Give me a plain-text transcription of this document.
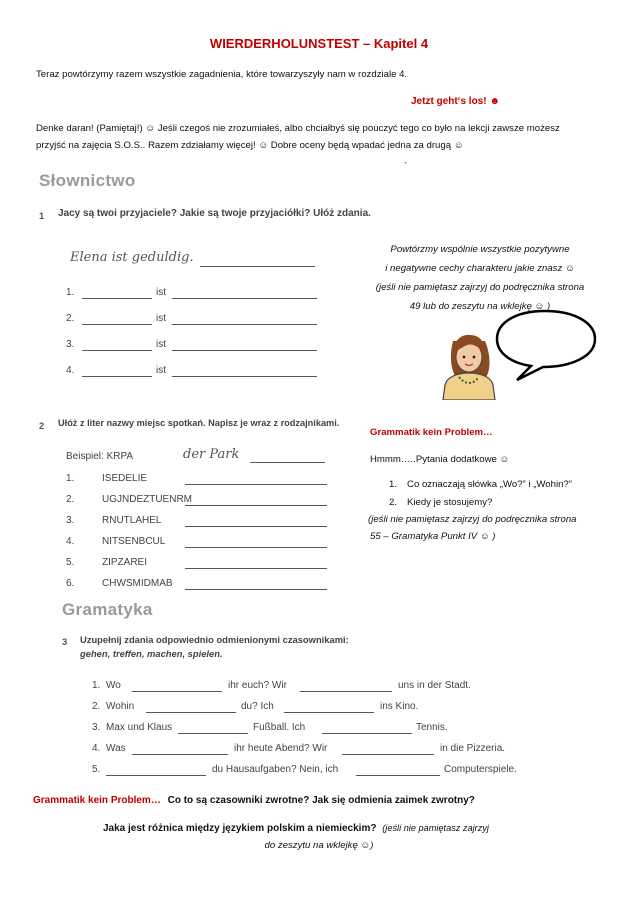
WIERDERHOLUNSTEST – Kapitel 4
Teraz powtórzymy razem wszystkie zagadnienia, które towarzyszyły nam w rozdziale 4.
Jetzt geht‘s los! ☻
Denke daran! (Pamiętaj!) ☺ Jeśli czegoś nie zrozumiałeś, albo chciałbyś się pouczyć tego co było na lekcji zawsze możesz
przyjść na zajęcia S.O.S.. Razem zdziałamy więcej! ☺ Dobre oceny będą wpadać jedna za drugą ☺
`
Słownictwo
1 Jacy są twoi przyjaciele? Jakie są twoje przyjaciółki? Ułóż zdania.
Elena ist geduldig.
1.	ist
2.	ist
3.	ist
4.	ist
Powtórzmy wspólnie wszystkie pozytywne
i negatywne cechy charakteru jakie znasz ☺
(jeśli nie pamiętasz zajrzyj do podręcznika strona
49 lub do zeszytu na wklejkę ☺ )
2 Ułóż z liter nazwy miejsc spotkań. Napisz je wraz z rodzajnikami.
Beispiel: KRPA	der Park
1.	ISEDELIE
2.	UGJNDEZTUENRM
3.	RNUTLAHEL
4.	NITSENBCUL
5.	ZIPZAREI
6.	CHWSMIDMAB
Grammatik kein Problem…
Hmmm…..Pytania dodatkowe ☺
1. Co oznaczają słówka „Wo?” i „Wohin?”
2. Kiedy je stosujemy?
(jeśli nie pamiętasz zajrzyj do podręcznika strona
55 – Gramatyka Punkt IV ☺ )
Gramatyka
3 Uzupełnij zdania odpowiednio odmienionymi czasownikami:
gehen, treffen, machen, spielen.
1. Wo	ihr euch? Wir	uns in der Stadt.
2. Wohin	du? Ich	ins Kino.
3. Max und Klaus	Fußball. Ich	Tennis.
4. Was	ihr heute Abend? Wir	in die Pizzeria.
5.	du Hausaufgaben? Nein, ich	Computerspiele.
Grammatik kein Problem… Co to są czasowniki zwrotne? Jak się odmienia zaimek zwrotny?
Jaka jest różnica między językiem polskim a niemieckim? (jeśli nie pamiętasz zajrzyj
do zeszytu na wklejkę ☺)
